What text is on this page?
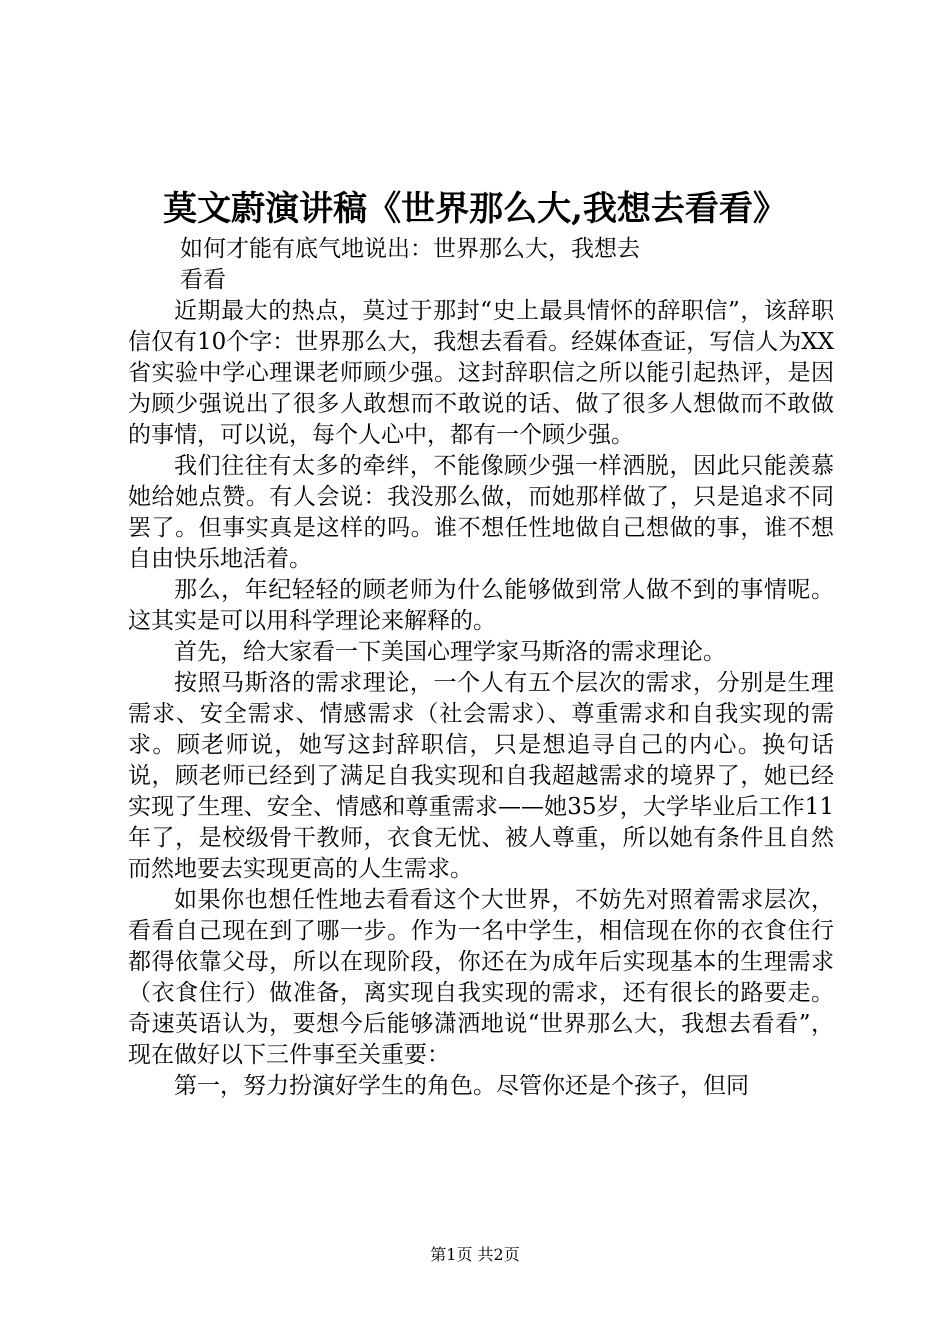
莫文蔚演讲稿《世界那么大,我想去看看》

如何才能有底气地说出：世界那么大，我想去看看

近期最大的热点，莫过于那封“史上最具情怀的辞职信”，该辞职信仅有10个字：世界那么大，我想去看看。经媒体查证，写信人为XX省实验中学心理课老师顾少强。这封辞职信之所以能引起热评，是因为顾少强说出了很多人敢想而不敢说的话、做了很多人想做而不敢做的事情，可以说，每个人心中，都有一个顾少强。

我们往往有太多的牵绊，不能像顾少强一样洒脱，因此只能羡慕她给她点赞。有人会说：我没那么做，而她那样做了，只是追求不同罢了。但事实真是这样的吗。谁不想任性地做自己想做的事，谁不想自由快乐地活着。

那么，年纪轻轻的顾老师为什么能够做到常人做不到的事情呢。这其实是可以用科学理论来解释的。

首先，给大家看一下美国心理学家马斯洛的需求理论。

按照马斯洛的需求理论，一个人有五个层次的需求，分别是生理需求、安全需求、情感需求（社会需求）、尊重需求和自我实现的需求。顾老师说，她写这封辞职信，只是想追寻自己的内心。换句话说，顾老师已经到了满足自我实现和自我超越需求的境界了，她已经实现了生理、安全、情感和尊重需求——她35岁，大学毕业后工作11年了，是校级骨干教师，衣食无忧、被人尊重，所以她有条件且自然而然地要去实现更高的人生需求。

如果你也想任性地去看看这个大世界，不妨先对照着需求层次，看看自己现在到了哪一步。作为一名中学生，相信现在你的衣食住行都得依靠父母，所以在现阶段，你还在为成年后实现基本的生理需求（衣食住行）做准备，离实现自我实现的需求，还有很长的路要走。奇速英语认为，要想今后能够潇洒地说“世界那么大，我想去看看”，现在做好以下三件事至关重要：

第一，努力扮演好学生的角色。尽管你还是个孩子，但同

第1页 共2页
